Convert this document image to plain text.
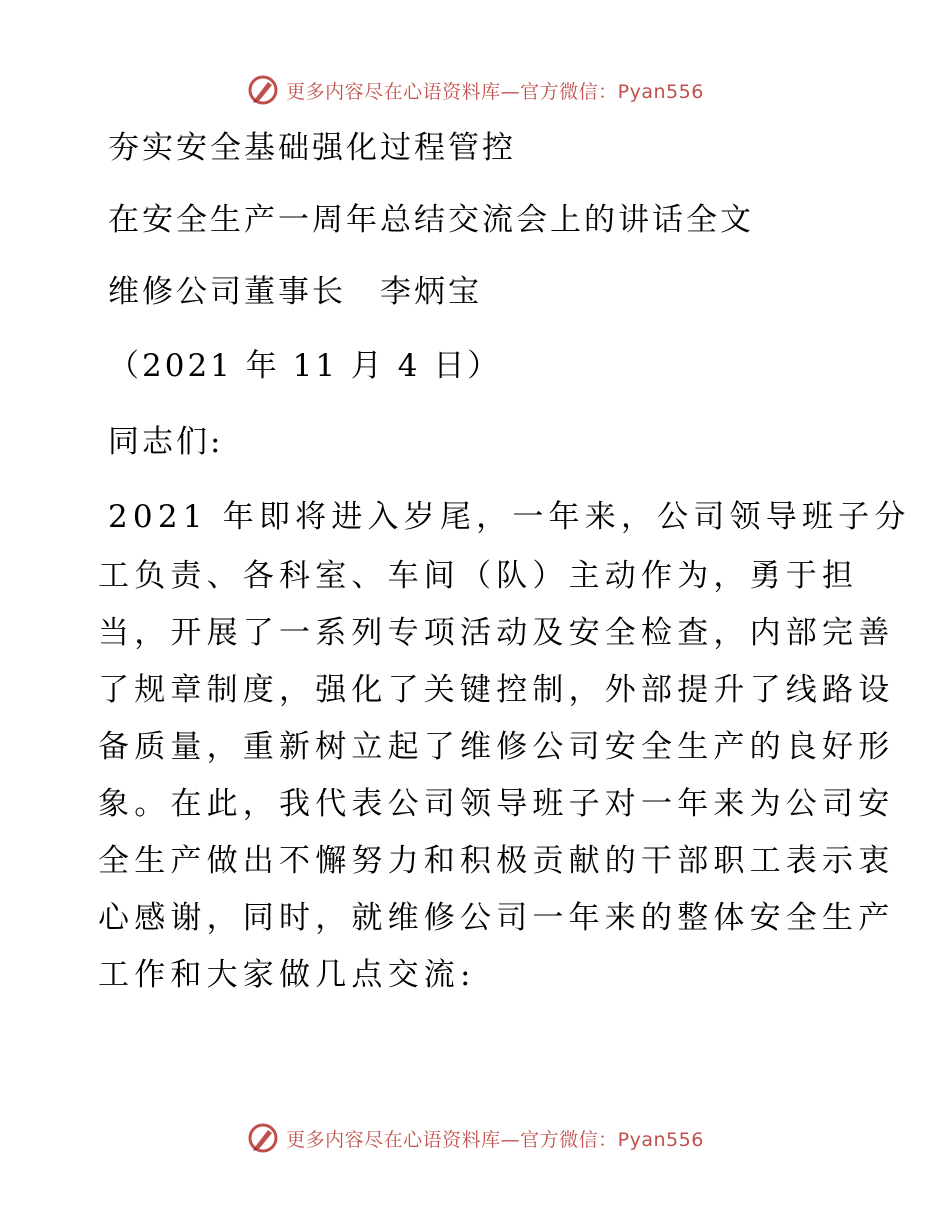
更多内容尽在心语资料库—官方微信：Pyan556
夯实安全基础强化过程管控
在安全生产一周年总结交流会上的讲话全文
维修公司董事长　李炳宝
（2021 年 11 月 4 日）
同志们:
2021 年即将进入岁尾，一年来，公司领导班子分
工负责、各科室、车间（队）主动作为，勇于担
当，开展了一系列专项活动及安全检查，内部完善
了规章制度，强化了关键控制，外部提升了线路设
备质量，重新树立起了维修公司安全生产的良好形
象。在此，我代表公司领导班子对一年来为公司安
全生产做出不懈努力和积极贡献的干部职工表示衷
心感谢，同时，就维修公司一年来的整体安全生产
工作和大家做几点交流:
更多内容尽在心语资料库—官方微信：Pyan556
